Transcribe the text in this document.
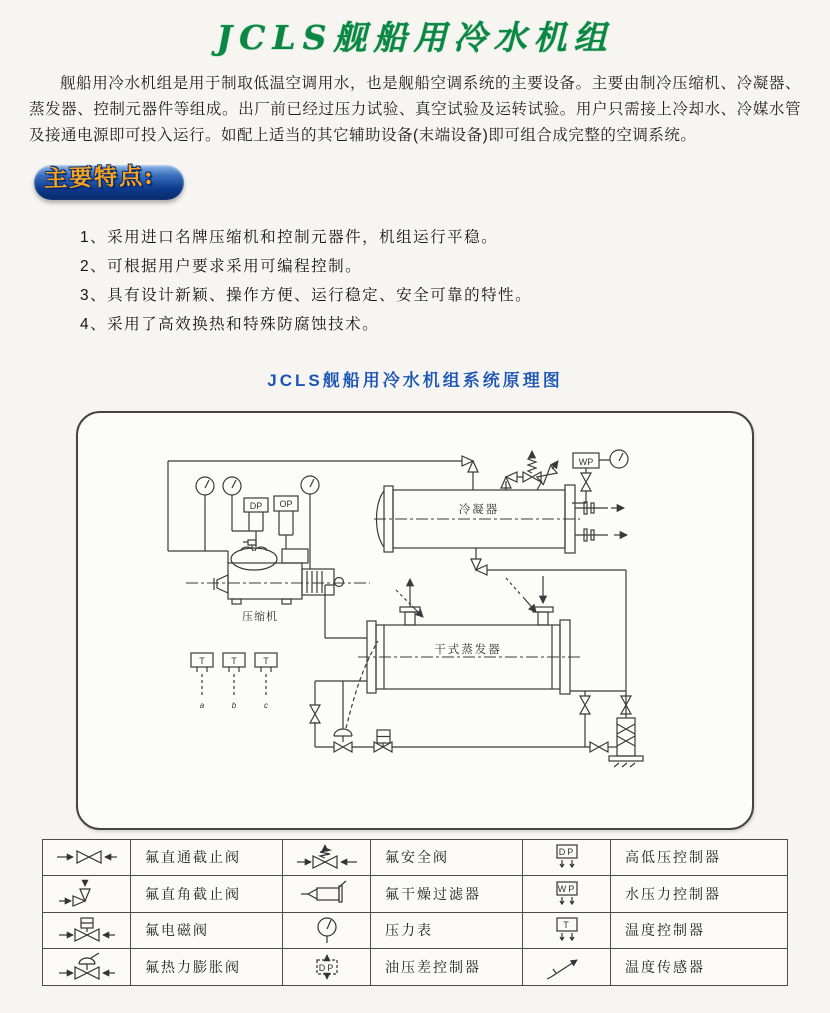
JCLS舰船用冷水机组

舰船用冷水机组是用于制取低温空调用水，也是舰船空调系统的主要设备。主要由制冷压缩机、冷凝器、蒸发器、控制元器件等组成。出厂前已经过压力试验、真空试验及运转试验。用户只需接上冷却水、冷媒水管及接通电源即可投入运行。如配上适当的其它辅助设备(末端设备)即可组合成完整的空调系统。

主要特点:
1、采用进口名牌压缩机和控制元器件，机组运行平稳。
2、可根据用户要求采用可编程控制。
3、具有设计新颖、操作方便、运行稳定、安全可靠的特性。
4、采用了高效换热和特殊防腐蚀技术。
JCLS舰船用冷水机组系统原理图
DP OP
压缩机
冷凝器
WP
干式蒸发器
T	T	T
a	b	c
	氟直通截止阀		氟安全阀	DP	高低压控制器

	氟直角截止阀		氟干燥过滤器	WP	水压力控制器

	氟电磁阀		压力表	T	温度控制器

	氟热力膨胀阀	DP	油压差控制器		温度传感器
